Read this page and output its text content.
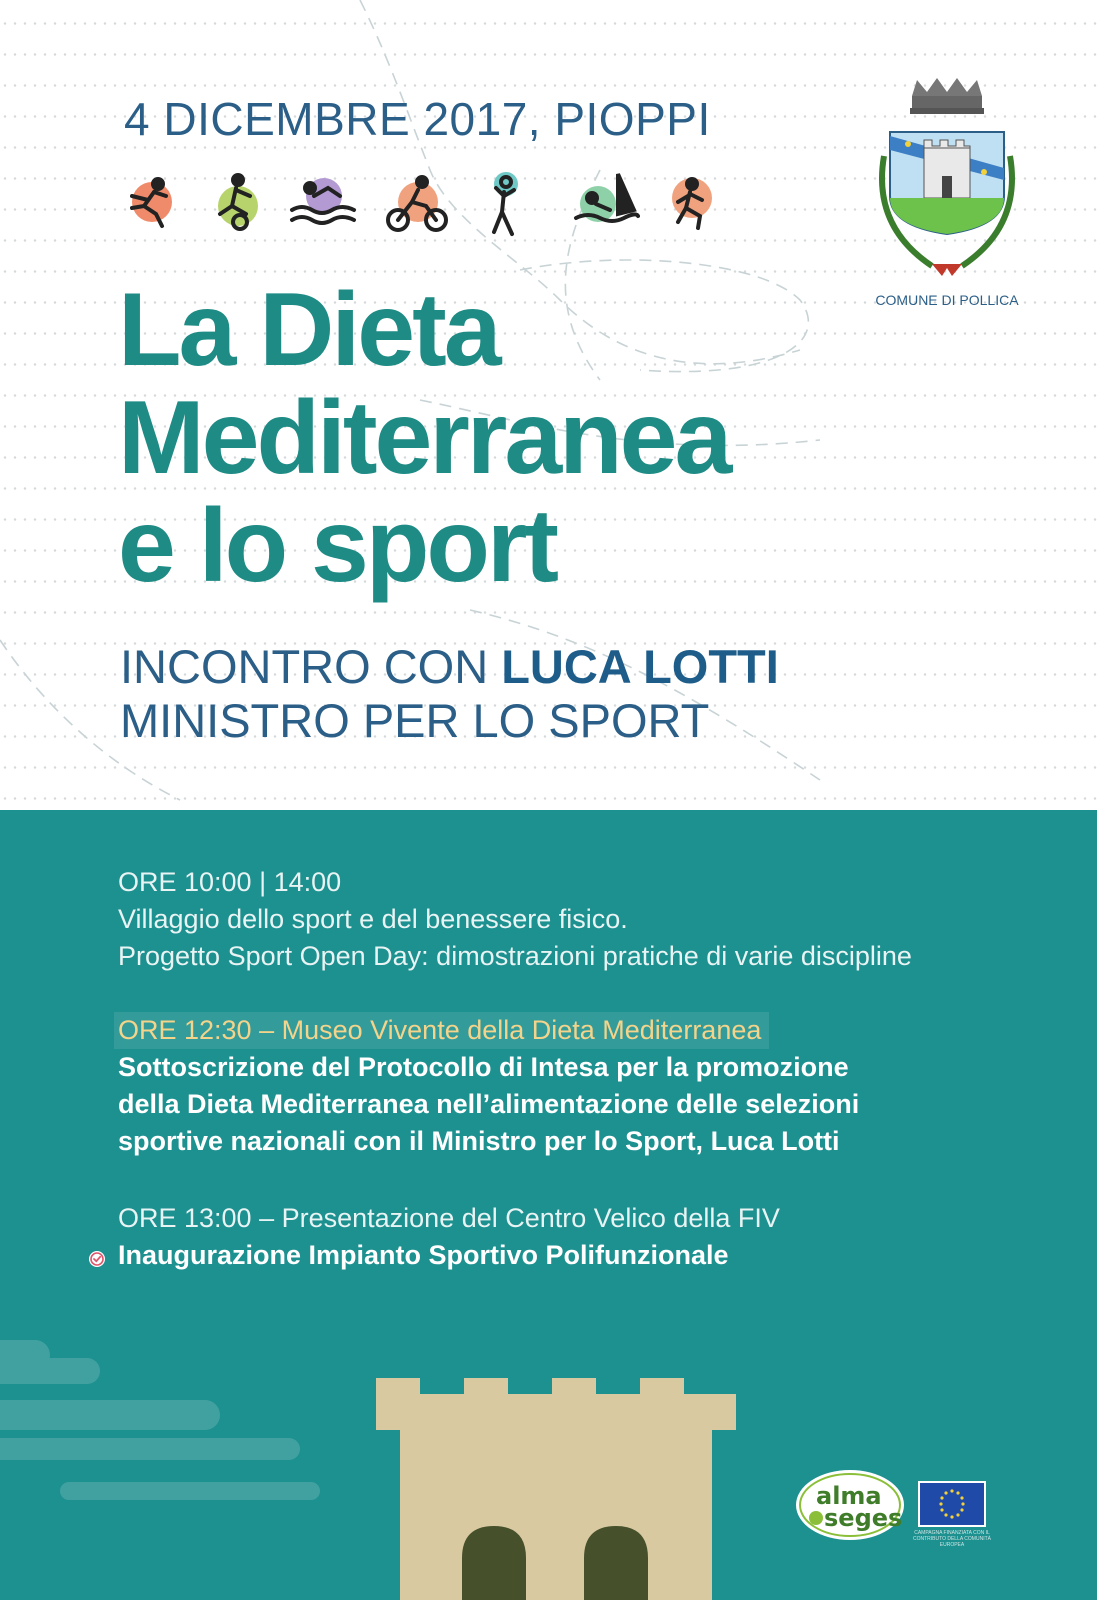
4 DICEMBRE 2017, PIOPPI
COMUNE DI POLLICA
La Dieta
Mediterranea
e lo sport
INCONTRO CON LUCA LOTTI
MINISTRO PER LO SPORT

ORE 10:00 | 14:00

Villaggio dello sport e del benessere fisico.

Progetto Sport Open Day: dimostrazioni pratiche di varie discipline

ORE 12:30 – Museo Vivente della Dieta Mediterranea

Sottoscrizione del Protocollo di Intesa per la promozione

della Dieta Mediterranea nell’alimentazione delle selezioni

sportive nazionali con il Ministro per lo Sport, Luca Lotti

ORE 13:00 – Presentazione del Centro Velico della FIV

Inaugurazione Impianto Sportivo Polifunzionale

alma
seges
CAMPAGNA FINANZIATA CON IL CONTRIBUTO DELLA COMUNITÀ EUROPEA
